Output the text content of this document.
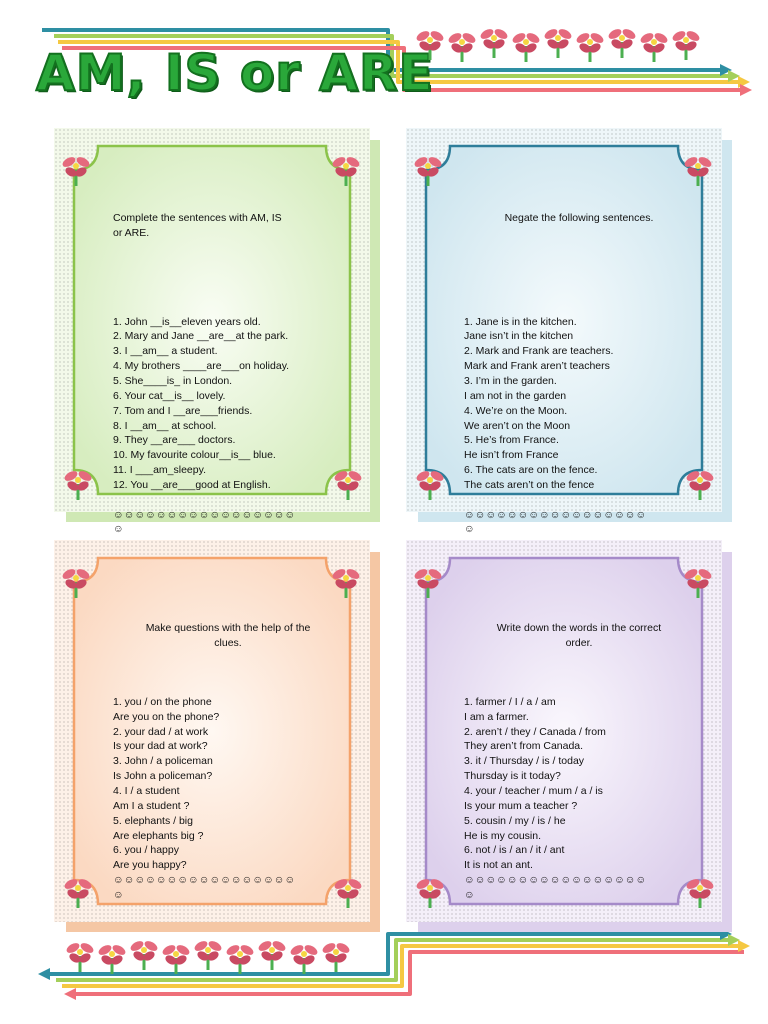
AM, IS or ARE

Complete the sentences with AM, IS
or ARE.

1. John __is__eleven years old.
2. Mary and Jane __are__at the park.
3. I __am__ a student.
4. My brothers ____are___on holiday.
5. She____is_ in London.
6. Your cat__is__ lovely.
7. Tom and I __are___friends.
8. I __am__ at school.
9. They __are___ doctors.
10. My favourite colour__is__ blue.
11. I ___am_sleepy.
12. You __are___good at English.

☺☺☺☺☺☺☺☺☺☺☺☺☺☺☺☺☺
☺

Negate the following sentences.

1. Jane is in the kitchen.
Jane isn’t in the kitchen
2. Mark and Frank are teachers.
Mark and Frank aren’t teachers
3. I’m in the garden.
I am not in the garden
4. We’re on the Moon.
We aren’t on the Moon
5. He’s from France.
He isn’t from France
6. The cats are on the fence.
The cats aren’t on the fence

☺☺☺☺☺☺☺☺☺☺☺☺☺☺☺☺☺
☺

Make questions with the help of the
clues.

1. you / on the phone
Are you on the phone?
2. your dad / at work
Is your dad at work?
3. John / a policeman
Is John a policeman?
4. I / a student
Am I a student ?
5. elephants / big
Are elephants big ?
6. you / happy
Are you happy?
☺☺☺☺☺☺☺☺☺☺☺☺☺☺☺☺☺
☺

Write down the words in the correct
order.

1. farmer / I / a / am
I am a farmer.
2. aren’t / they / Canada / from
They aren’t from Canada.
3. it / Thursday / is / today
Thursday is it today?
4. your / teacher / mum / a / is
Is your mum a teacher ?
5. cousin / my / is / he
He is my cousin.
6. not / is / an / it / ant
It is not an ant.
☺☺☺☺☺☺☺☺☺☺☺☺☺☺☺☺☺
☺
